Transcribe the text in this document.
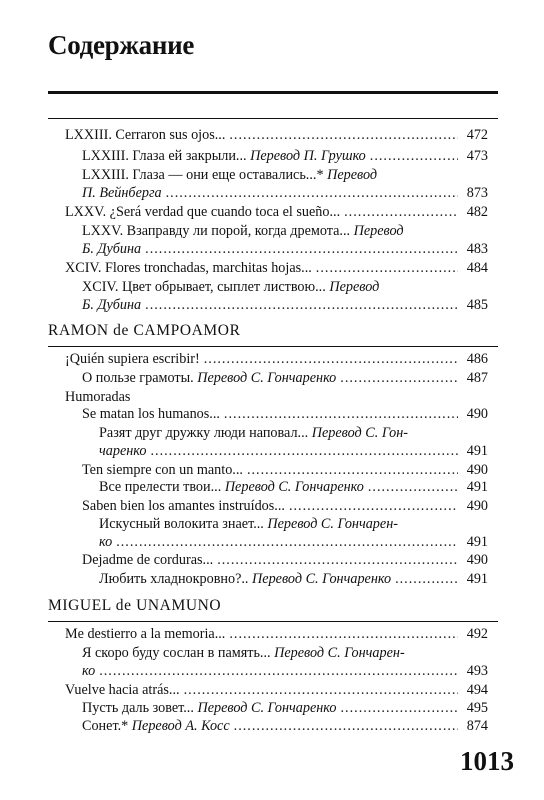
Содержание
LXXIII. Cerraron sus ojos... .....	472
LXXIII. Глаза ей закрыли... Перевод П. Грушко .....	473
LXXIII. Глаза — они еще оставались...* Перевод
П. Вейнберга .....	873
LXXV. ¿Será verdad que cuando toca el sueño... .....	482
LXXV. Взаправду ли порой, когда дремота... Перевод
Б. Дубина .....	483
XCIV. Flores tronchadas, marchitas hojas... .....	484
XCIV. Цвет обрывает, сыплет листвою... Перевод
Б. Дубина .....	485
RAMON de CAMPOAMOR
¡Quién supiera escribir! .....	486
О пользе грамоты. Перевод С. Гончаренко .....	487
Humoradas
Se matan los humanos... .....	490
Разят друг дружку люди наповал... Перевод С. Гон-
чаренко .....	491
Ten siempre con un manto... .....	490
Все прелести твои... Перевод С. Гончаренко .....	491
Saben bien los amantes instruídos... .....	490
Искусный волокита знает... Перевод С. Гончарен-
ко .....	491
Dejadme de corduras... .....	490
Любить хладнокровно?.. Перевод С. Гончаренко .....	491
MIGUEL de UNAMUNO
Me destierro a la memoria... .....	492
Я скоро буду сослан в память... Перевод С. Гончарен-
ко .....	493
Vuelve hacia atrás... .....	494
Пусть даль зовет... Перевод С. Гончаренко .....	495
Сонет.* Перевод А. Косс .....	874
1013
